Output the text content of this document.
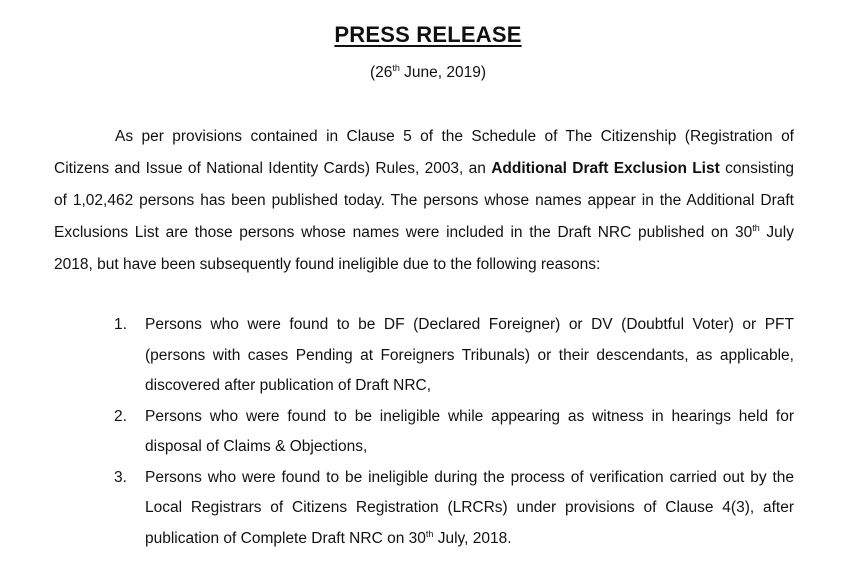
PRESS RELEASE
(26th June, 2019)

As per provisions contained in Clause 5 of the Schedule of The Citizenship (Registration of Citizens and Issue of National Identity Cards) Rules, 2003, an Additional Draft Exclusion List consisting of 1,02,462 persons has been published today. The persons whose names appear in the Additional Draft Exclusions List are those persons whose names were included in the Draft NRC published on 30th July 2018, but have been subsequently found ineligible due to the following reasons:

1. Persons who were found to be DF (Declared Foreigner) or DV (Doubtful Voter) or PFT (persons with cases Pending at Foreigners Tribunals) or their descendants, as applicable, discovered after publication of Draft NRC,
2. Persons who were found to be ineligible while appearing as witness in hearings held for disposal of Claims & Objections,
3. Persons who were found to be ineligible during the process of verification carried out by the Local Registrars of Citizens Registration (LRCRs) under provisions of Clause 4(3), after publication of Complete Draft NRC on 30th July, 2018.
